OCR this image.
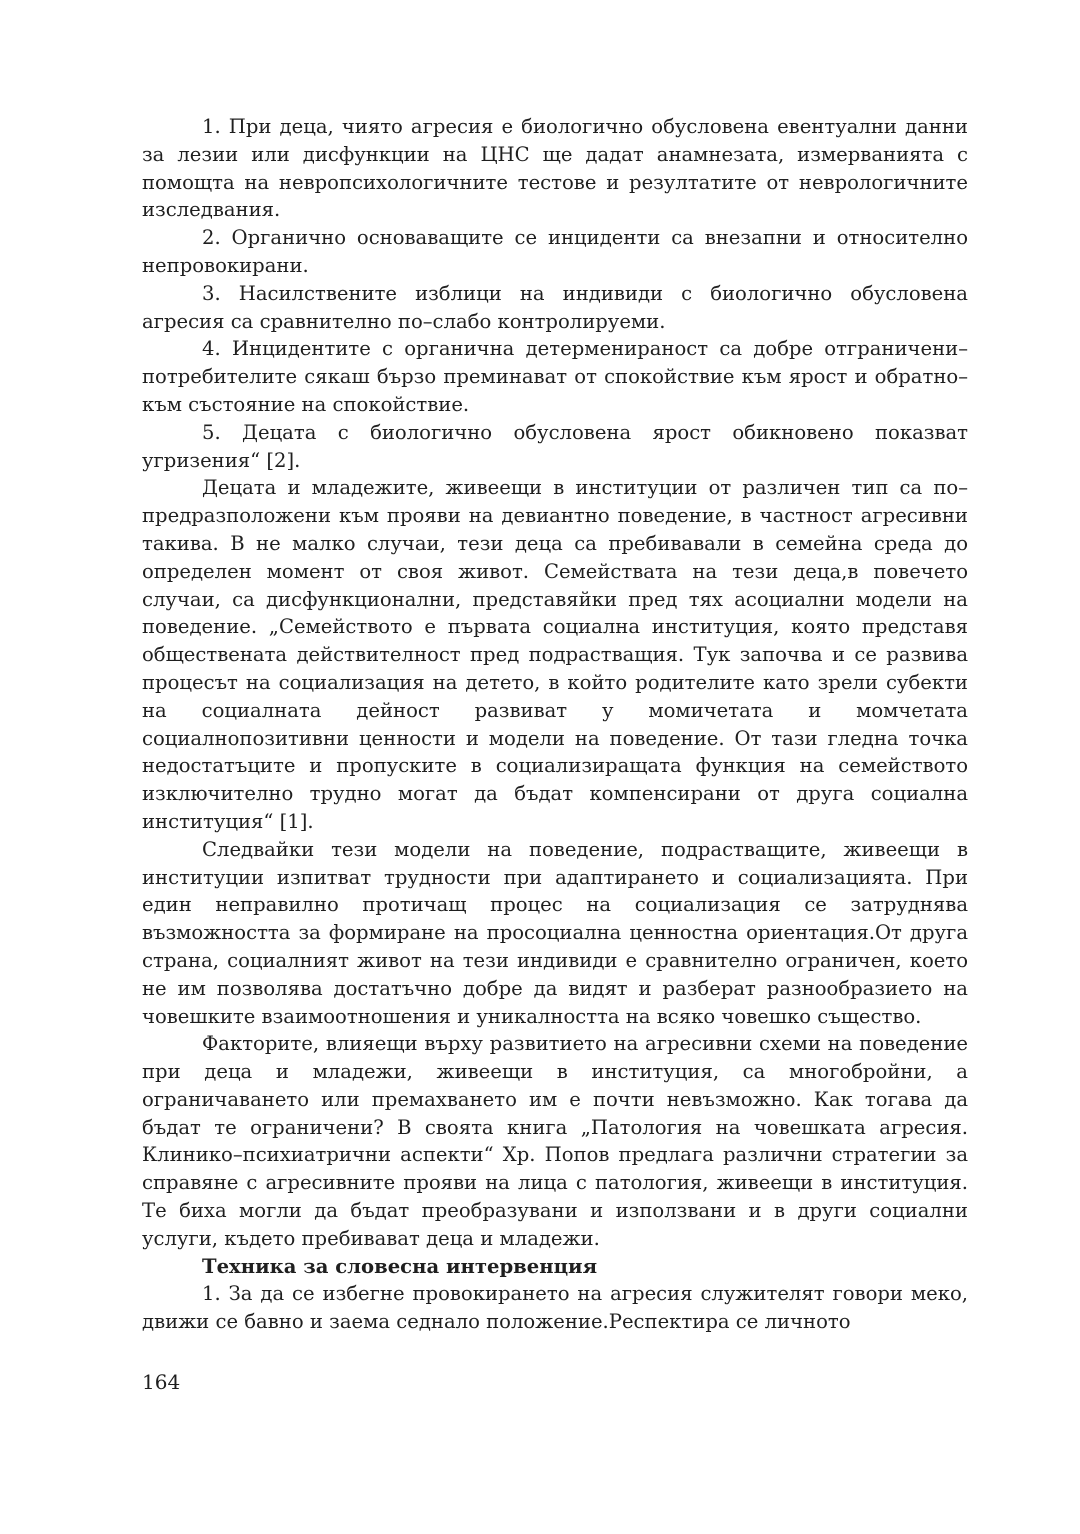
1. При деца, чиято агресия е биологично обусловена евентуални данни за лезии или дисфункции на ЦНС ще дадат анамнезата, измерванията с помощта на невропсихологичните тестове и резултатите от неврологичните изследвания.

2. Органично основаващите се инциденти са внезапни и относително непровокирани.

3. Насилствените изблици на индивиди с биологично обусловена агресия са сравнително по–слабо контролируеми.

4. Инцидентите с органична детерменираност са добре отграничени–потребителите сякаш бързо преминават от спокойствие към ярост и обратно–към състояние на спокойствие.

5. Децата с биологично обусловена ярост обикновено показват угризения“ [2].

Децата и младежите, живеещи в институции от различен тип са по–предразположени към прояви на девиантно поведение, в частност агресивни такива. В не малко случаи, тези деца са пребивавали в семейна среда до определен момент от своя живот. Семействата на тези деца,в повечето случаи, са дисфункционални, представяйки пред тях асоциални модели на поведение. „Семейството е първата социална институция, която представя обществената действителност пред подрастващия. Тук започва и се развива процесът на социализация на детето, в който родителите като зрели субекти на социалната дейност развиват у момичетата и момчетата социалнопозитивни ценности и модели на поведение. От тази гледна точка недостатъците и пропуските в социализиращата функция на семейството изключително трудно могат да бъдат компенсирани от друга социална институция“ [1].

Следвайки тези модели на поведение, подрастващите, живеещи в институции изпитват трудности при адаптирането и социализацията. При един неправилно протичащ процес на социализация се затруднява възможността за формиране на просоциална ценностна ориентация.От друга страна, социалният живот на тези индивиди е сравнително ограничен, което не им позволява достатъчно добре да видят и разберат разнообразието на човешките взаимоотношения и уникалността на всяко човешко същество.

Факторите, влияещи върху развитието на агресивни схеми на поведение при деца и младежи, живеещи в институция, са многобройни, а ограничаването или премахването им е почти невъзможно. Как тогава да бъдат те ограничени? В своята книга „Патология на човешката агресия. Клинико–психиатрични аспекти“ Хр. Попов предлага различни стратегии за справяне с агресивните прояви на лица с патология, живеещи в институция. Те биха могли да бъдат преобразувани и използвани и в други социални услуги, където пребивават деца и младежи.

Техника за словесна интервенция

1. За да се избегне провокирането на агресия служителят говори меко, движи се бавно и заема седнало положение.Респектира се личното

164
